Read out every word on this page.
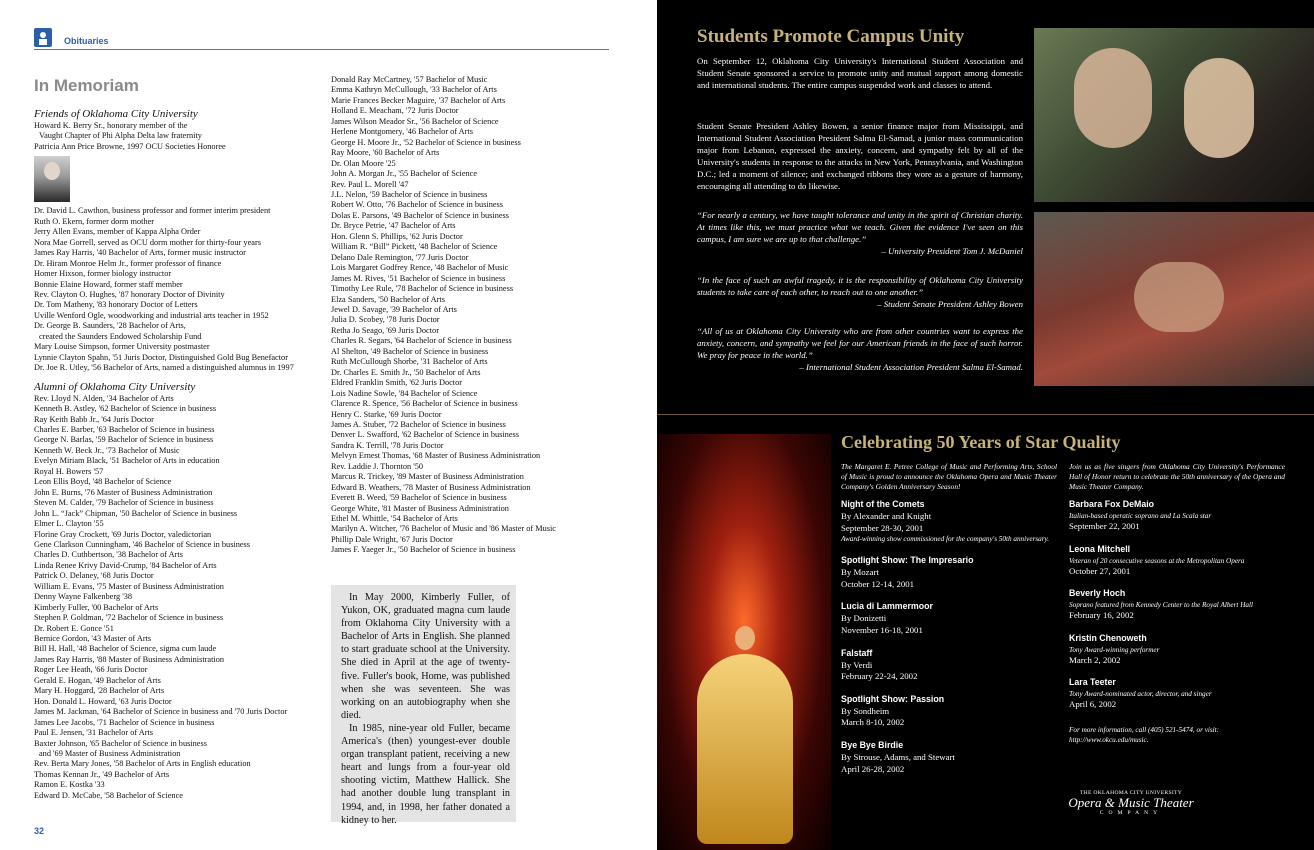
Obituaries
In Memoriam
Friends of Oklahoma City University
Howard K. Berry Sr., honorary member of the
Vaught Chapter of Phi Alpha Delta law fraternity
Patricia Ann Price Browne, 1997 OCU Societies Honoree
Dr. David L. Cawthon, business professor and former interim president
Ruth O. Ekern, former dorm mother
Jerry Allen Evans, member of Kappa Alpha Order
Nora Mae Gorrell, served as OCU dorm mother for thirty-four years
James Ray Harris, '40 Bachelor of Arts, former music instructor
Dr. Hiram Monroe Helm Jr., former professor of finance
Homer Hixson, former biology instructor
Bonnie Elaine Howard, former staff member
Rev. Clayton O. Hughes, '87 honorary Doctor of Divinity
Dr. Tom Matheny, '83 honorary Doctor of Letters
Uville Wenford Ogle, woodworking and industrial arts teacher in 1952
Dr. George B. Saunders, '28 Bachelor of Arts,
created the Saunders Endowed Scholarship Fund
Mary Louise Simpson, former University postmaster
Lynnie Clayton Spahn, '51 Juris Doctor, Distinguished Gold Bug Benefactor
Dr. Joe R. Utley, '56 Bachelor of Arts, named a distinguished alumnus in 1997
Alumni of Oklahoma City University
Rev. Lloyd N. Alden, '34 Bachelor of Arts
Kenneth B. Astley, '62 Bachelor of Science in business
Ray Keith Babb Jr., '64 Juris Doctor
Charles E. Barber, '63 Bachelor of Science in business
George N. Barlas, '59 Bachelor of Science in business
Kenneth W. Beck Jr., '73 Bachelor of Music
Evelyn Miriam Black, '51 Bachelor of Arts in education
Royal H. Bowers '57
Leon Ellis Boyd, '48 Bachelor of Science
John E. Burns, '76 Master of Business Administration
Steven M. Calder, '79 Bachelor of Science in business
John L. “Jack” Chipman, '50 Bachelor of Science in business
Elmer L. Clayton '55
Florine Gray Crockett, '69 Juris Doctor, valedictorian
Gene Clarkson Cunningham, '46 Bachelor of Science in business
Charles D. Cuthbertson, '38 Bachelor of Arts
Linda Renee Krivy David-Crump, '84 Bachelor of Arts
Patrick O. Delaney, '68 Juris Doctor
William E. Evans, '75 Master of Business Administration
Denny Wayne Falkenberg '38
Kimberly Fuller, '00 Bachelor of Arts
Stephen P. Goldman, '72 Bachelor of Science in business
Dr. Robert E. Gonce '51
Bernice Gordon, '43 Master of Arts
Bill H. Hall, '48 Bachelor of Science, sigma cum laude
James Ray Harris, '88 Master of Business Administration
Roger Lee Heath, '66 Juris Doctor
Gerald E. Hogan, '49 Bachelor of Arts
Mary H. Hoggard, '28 Bachelor of Arts
Hon. Donald L. Howard, '63 Juris Doctor
James M. Jackman, '64 Bachelor of Science in business and '70 Juris Doctor
James Lee Jacobs, '71 Bachelor of Science in business
Paul E. Jensen, '31 Bachelor of Arts
Baxter Johnson, '65 Bachelor of Science in business
and '69 Master of Business Administration
Rev. Berta Mary Jones, '58 Bachelor of Arts in English education
Thomas Kennan Jr., '49 Bachelor of Arts
Ramon E. Kostka '33
Edward D. McCabe, '58 Bachelor of Science
Donald Ray McCartney, '57 Bachelor of Music
Emma Kathryn McCullough, '33 Bachelor of Arts
Marie Frances Becker Maguire, '37 Bachelor of Arts
Holland E. Meacham, '72 Juris Doctor
James Wilson Meador Sr., '56 Bachelor of Science
Herlene Montgomery, '46 Bachelor of Arts
George H. Moore Jr., '52 Bachelor of Science in business
Ray Moore, '60 Bachelor of Arts
Dr. Olan Moore '25
John A. Morgan Jr., '55 Bachelor of Science
Rev. Paul L. Morell '47
J.L. Nelon, '59 Bachelor of Science in business
Robert W. Otto, '76 Bachelor of Science in business
Dolas E. Parsons, '49 Bachelor of Science in business
Dr. Bryce Petrie, '47 Bachelor of Arts
Hon. Glenn S. Phillips, '62 Juris Doctor
William R. “Bill” Pickett, '48 Bachelor of Science
Delano Dale Remington, '77 Juris Doctor
Lois Margaret Godfrey Rence, '48 Bachelor of Music
James M. Rives, '51 Bachelor of Science in business
Timothy Lee Rule, '78 Bachelor of Science in business
Elza Sanders, '50 Bachelor of Arts
Jewel D. Savage, '39 Bachelor of Arts
Julia D. Scobey, '78 Juris Doctor
Retha Jo Seago, '69 Juris Doctor
Charles R. Segars, '64 Bachelor of Science in business
Al Shelton, '49 Bachelor of Science in business
Ruth McCullough Shorbe, '31 Bachelor of Arts
Dr. Charles E. Smith Jr., '50 Bachelor of Arts
Eldred Franklin Smith, '62 Juris Doctor
Lois Nadine Sowle, '84 Bachelor of Science
Clarence R. Spence, '56 Bachelor of Science in business
Henry C. Starke, '69 Juris Doctor
James A. Stuber, '72 Bachelor of Science in business
Denver L. Swafford, '62 Bachelor of Science in business
Sandra K. Terrill, '78 Juris Doctor
Melvyn Ernest Thomas, '68 Master of Business Administration
Rev. Laddie J. Thornton '50
Marcus R. Trickey, '89 Master of Business Administration
Edward B. Weathers, '78 Master of Business Administration
Everett B. Weed, '59 Bachelor of Science in business
George White, '81 Master of Business Administration
Ethel M. Whittle, '54 Bachelor of Arts
Marilyn A. Witcher, '76 Bachelor of Music and '86 Master of Music
Phillip Dale Wright, '67 Juris Doctor
James F. Yaeger Jr., '50 Bachelor of Science in business

In May 2000, Kimberly Fuller, of Yukon, OK, graduated magna cum laude from Oklahoma City University with a Bachelor of Arts in English. She planned to start graduate school at the University. She died in April at the age of twenty-five. Fuller's book, Home, was published when she was seventeen. She was working on an autobiography when she died.

In 1985, nine-year old Fuller, became America's (then) youngest-ever double organ transplant patient, receiving a new heart and lungs from a four-year old shooting victim, Matthew Hallick. She had another double lung transplant in 1994, and, in 1998, her father donated a kidney to her.

32
Students Promote Campus Unity
On September 12, Oklahoma City University's International Student Association and Student Senate sponsored a service to promote unity and mutual support among domestic and international students. The entire campus suspended work and classes to attend.
Student Senate President Ashley Bowen, a senior finance major from Mississippi, and International Student Association President Salma El-Samad, a junior mass communication major from Lebanon, expressed the anxiety, concern, and sympathy felt by all of the University's students in response to the attacks in New York, Pennsylvania, and Washington D.C.; led a moment of silence; and exchanged ribbons they wore as a gesture of harmony, encouraging all attending to do likewise.
“For nearly a century, we have taught tolerance and unity in the spirit of Christian charity. At times like this, we must practice what we teach. Given the evidence I've seen on this campus, I am sure we are up to that challenge.”
– University President Tom J. McDaniel
“In the face of such an awful tragedy, it is the responsibility of Oklahoma City University students to take care of each other, to reach out to one another.”
– Student Senate President Ashley Bowen
“All of us at Oklahoma City University who are from other countries want to express the anxiety, concern, and sympathy we feel for our American friends in the face of such horror. We pray for peace in the world.”
– International Student Association President Salma El-Samad.
Celebrating 50 Years of Star Quality
The Margaret E. Petree College of Music and Performing Arts, School of Music is proud to announce the Oklahoma Opera and Music Theater Company's Golden Anniversary Season!
Night of the Comets
By Alexander and Knight
September 28-30, 2001
Award-winning show commissioned for the company's 50th anniversary.
Spotlight Show: The Impresario
By Mozart
October 12-14, 2001
Lucia di Lammermoor
By Donizetti
November 16-18, 2001
Falstaff
By Verdi
February 22-24, 2002
Spotlight Show: Passion
By Sondheim
March 8-10, 2002
Bye Bye Birdie
By Strouse, Adams, and Stewart
April 26-28, 2002
Join us as five singers from Oklahoma City University's Performance Hall of Honor return to celebrate the 50th anniversary of the Opera and Music Theater Company.
Barbara Fox DeMaio
Italian-based operatic soprano and La Scala star
September 22, 2001
Leona Mitchell
Veteran of 20 consecutive seasons at the Metropolitan Opera
October 27, 2001
Beverly Hoch
Soprano featured from Kennedy Center to the Royal Albert Hall
February 16, 2002
Kristin Chenoweth
Tony Award-winning performer
March 2, 2002
Lara Teeter
Tony Award-nominated actor, director, and singer
April 6, 2002
For more information, call (405) 521-5474, or visit: http://www.okcu.edu/music.
THE OKLAHOMA CITY UNIVERSITY
Opera & Music Theater
COMPANY
